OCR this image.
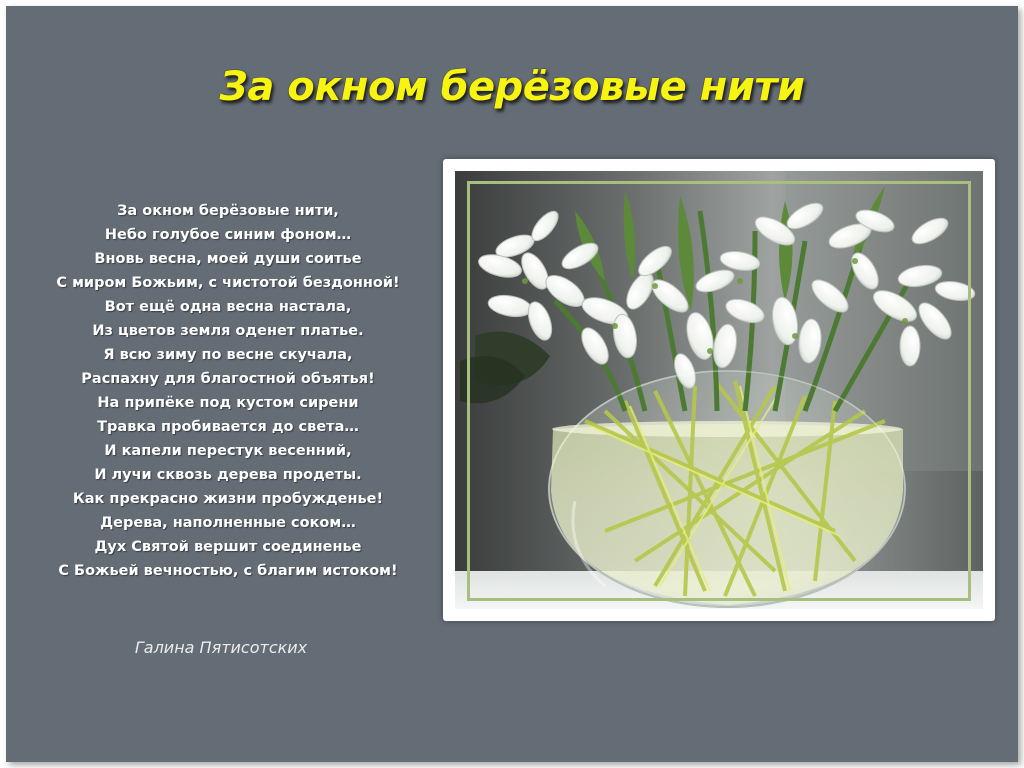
За окном берёзовые нити
За окном берёзовые нити,
Небо голубое синим фоном…
Вновь весна, моей души соитье
С миром Божьим, с чистотой бездонной!
Вот ещё одна весна настала,
Из цветов земля оденет платье.
Я всю зиму по весне скучала,
Распахну для благостной объятья!
На припёке под кустом сирени
Травка пробивается до света…
И капели перестук весенний,
И лучи сквозь дерева продеты.
Как прекрасно жизни пробужденье!
Дерева, наполненные соком…
Дух Святой вершит соединенье
С Божьей вечностью, с благим истоком!
Галина Пятисотских
